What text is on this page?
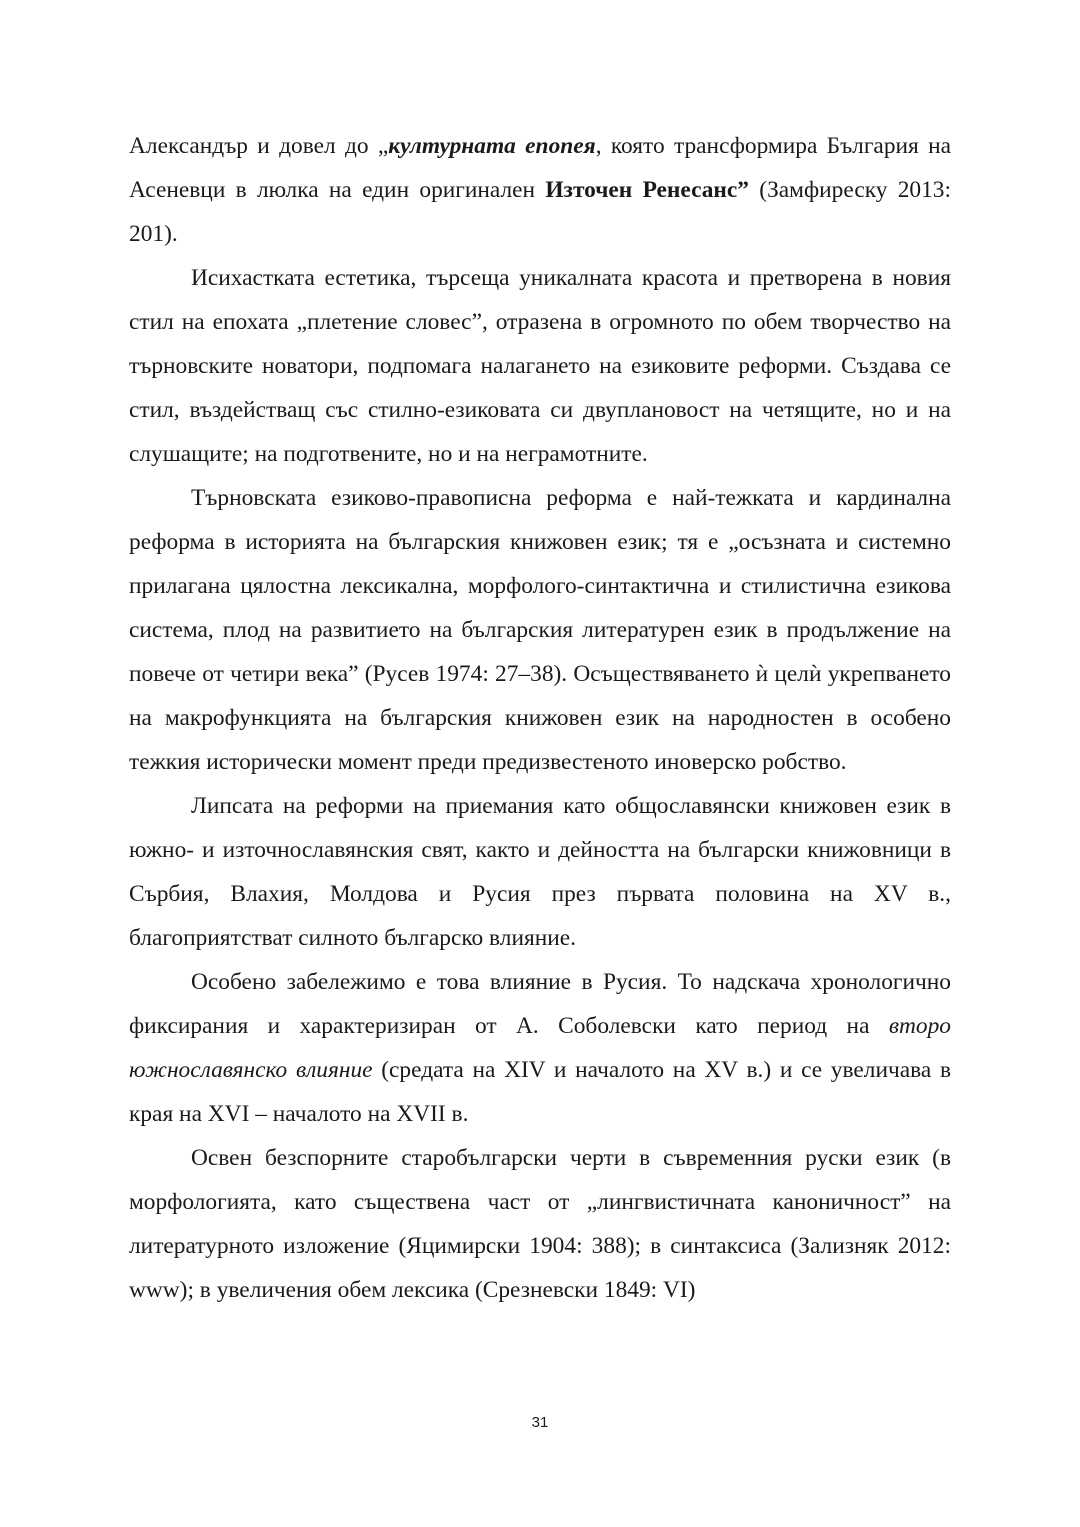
Александър и довел до „културната епопея, която трансформира България на Асеневци в люлка на един оригинален Източен Ренесанс” (Замфиреску 2013: 201).

Исихастката естетика, търсеща уникалната красота и претворена в новия стил на епохата „плетение словес”, отразена в огромното по обем творчество на търновските новатори, подпомага налагането на езиковите реформи. Създава се стил, въздействащ със стилно-езиковата си двуплановост на четящите, но и на слушащите; на подготвените, но и на неграмотните.

Търновската езиково-правописна реформа е най-тежката и кардинална реформа в историята на българския книжовен език; тя е „осъзната и системно прилагана цялостна лексикална, морфолого-синтактична и стилистична езикова система, плод на развитието на българския литературен език в продължение на повече от четири века” (Русев 1974: 27–38). Осъществяването ѝ целѝ укрепването на макрофункцията на българския книжовен език на народностен в особено тежкия исторически момент преди предизвестеното иноверско робство.

Липсата на реформи на приемания като общославянски книжовен език в южно- и източнославянския свят, както и дейността на български книжовници в Сърбия, Влахия, Молдова и Русия през първата половина на XV в., благоприятстват силното българско влияние.

Особено забележимо е това влияние в Русия. То надскача хронологично фиксирания и характеризиран от А. Соболевски като период на второ южнославянско влияние (средата на XIV и началото на XV в.) и се увеличава в края на XVI – началото на XVII в.

Освен безспорните старобългарски черти в съвременния руски език (в морфологията, като съществена част от „лингвистичната каноничност” на литературното изложение (Яцимирски 1904: 388); в синтаксиса (Зализняк 2012: www); в увеличения обем лексика (Срезневски 1849: VI)

31
